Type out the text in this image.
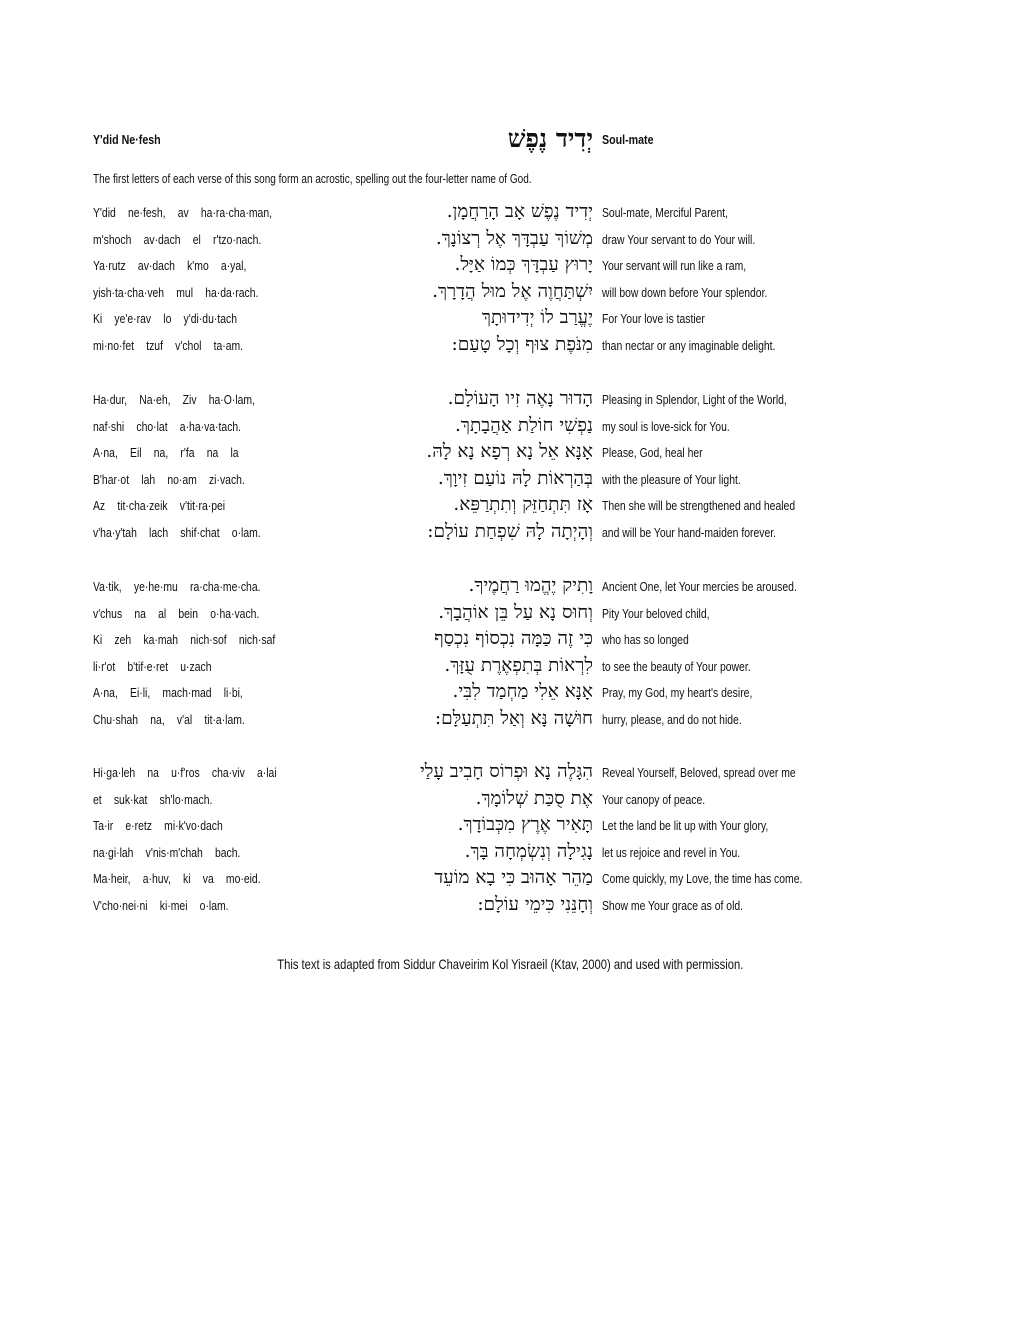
Y'did Ne·fesh	יְדִיד נֶפֶשׁ Soul-mate
The first letters of each verse of this song form an acrostic, spelling out the four-letter name of God.
Y'did  ne·fesh,  av  ha·ra·cha·man,	יְדִיד נֶפֶשׁ אָב הָרַחֲמָן. Soul-mate, Merciful Parent,
m'shoch  av·dach  el  r'tzo·nach.	מְשׁוֹךְ עַבְדָּךְ אֶל רְצוֹנָךְ. draw Your servant to do Your will.
Ya·rutz  av·dach  k'mo  a·yal,	יָרוּץ עַבְדָּךְ כְּמוֹ אַיָּל. Your servant will run like a ram,
yish·ta·cha·veh  mul  ha·da·rach.	יִשְׁתַּחֲוֶה אֶל מוּל הֲדָרָךְ. will bow down before Your splendor.
Ki  ye'e·rav  lo  y'di·du·tach	יֶעֱרַב לוֹ יְדִידוּתָךְ For Your love is tastier
mi·no·fet  tzuf  v'chol  ta·am.	מִנֹּפֶת צוּף וְכָל טָעַם: than nectar or any imaginable delight.
Ha·dur,  Na·eh,  Ziv  ha·O·lam,	הָדוּר נָאֶה זִיו הָעוֹלָם. Pleasing in Splendor, Light of the World,
naf·shi  cho·lat  a·ha·va·tach.	נַפְשִׁי חוֹלַת אַהֲבָתָךְ. my soul is love-sick for You.
A·na,  Eil  na,  r'fa  na  la	אָנָּא אֵל נָא רְפָא נָא לָהּ. Please, God, heal her
B'har·ot  lah  no·am  zi·vach.	בְּהַרְאוֹת לָהּ נוֹעַם זִיוָךְ. with the pleasure of Your light.
Az  tit·cha·zeik  v'tit·ra·pei	אָז תִּתְחַזֵּק וְתִתְרַפֵּא. Then she will be strengthened and healed
v'ha·y'tah  lach  shif·chat  o·lam.	וְהָיְתָה לָהּ שִׁפְחַת עוֹלָם: and will be Your hand-maiden forever.
Va·tik,  ye·he·mu  ra·cha·me·cha.	וָתִיק יֶהֱמוּ רַחֲמֶיךָ. Ancient One, let Your mercies be aroused.
v'chus  na  al  bein  o·ha·vach.	וְחוּס נָא עַל בֵּן אוֹהֲבָךְ. Pity Your beloved child,
Ki  zeh  ka·mah  nich·sof  nich·saf	כִּי זֶה כַּמָּה נִכְסוֹף נִכְסַף who has so longed
li·r'ot  b'tif·e·ret  u·zach	לִרְאוֹת בְּתִפְאֶרֶת עֻזָּךְ. to see the beauty of Your power.
A·na,  Ei·li,  mach·mad  li·bi,	אָנָּא אֵלִי מַחְמַד לִבִּי. Pray, my God, my heart's desire,
Chu·shah  na,  v'al  tit·a·lam.	חוּשָׁה נָּא וְאַל תִּתְעַלָּם: hurry, please, and do not hide.
Hi·ga·leh  na  u·f'ros  cha·viv  a·lai	הִגָּלֶה נָא וּפְרוֹס חָבִיב עָלַי Reveal Yourself, Beloved, spread over me
et  suk·kat  sh'lo·mach.	אֶת סֻכַּת שְׁלוֹמָךְ. Your canopy of peace.
Ta·ir  e·retz  mi·k'vo·dach	תָּאִיר אֶרֶץ מִכְּבוֹדָךְ. Let the land be lit up with Your glory,
na·gi·lah  v'nis·m'chah  bach.	נָגִילָה וְנִשְׂמְחָה בָּךְ. let us rejoice and revel in You.
Ma·heir,  a·huv,  ki  va  mo·eid.	מַהֵר אָהוּב כִּי בָא מוֹעֵד Come quickly, my Love, the time has come.
V'cho·nei·ni  ki·mei  o·lam.	וְחָנֵּנִי כִּימֵי עוֹלָם: Show me Your grace as of old.
This text is adapted from Siddur Chaveirim Kol Yisraeil (Ktav, 2000) and used with permission.
